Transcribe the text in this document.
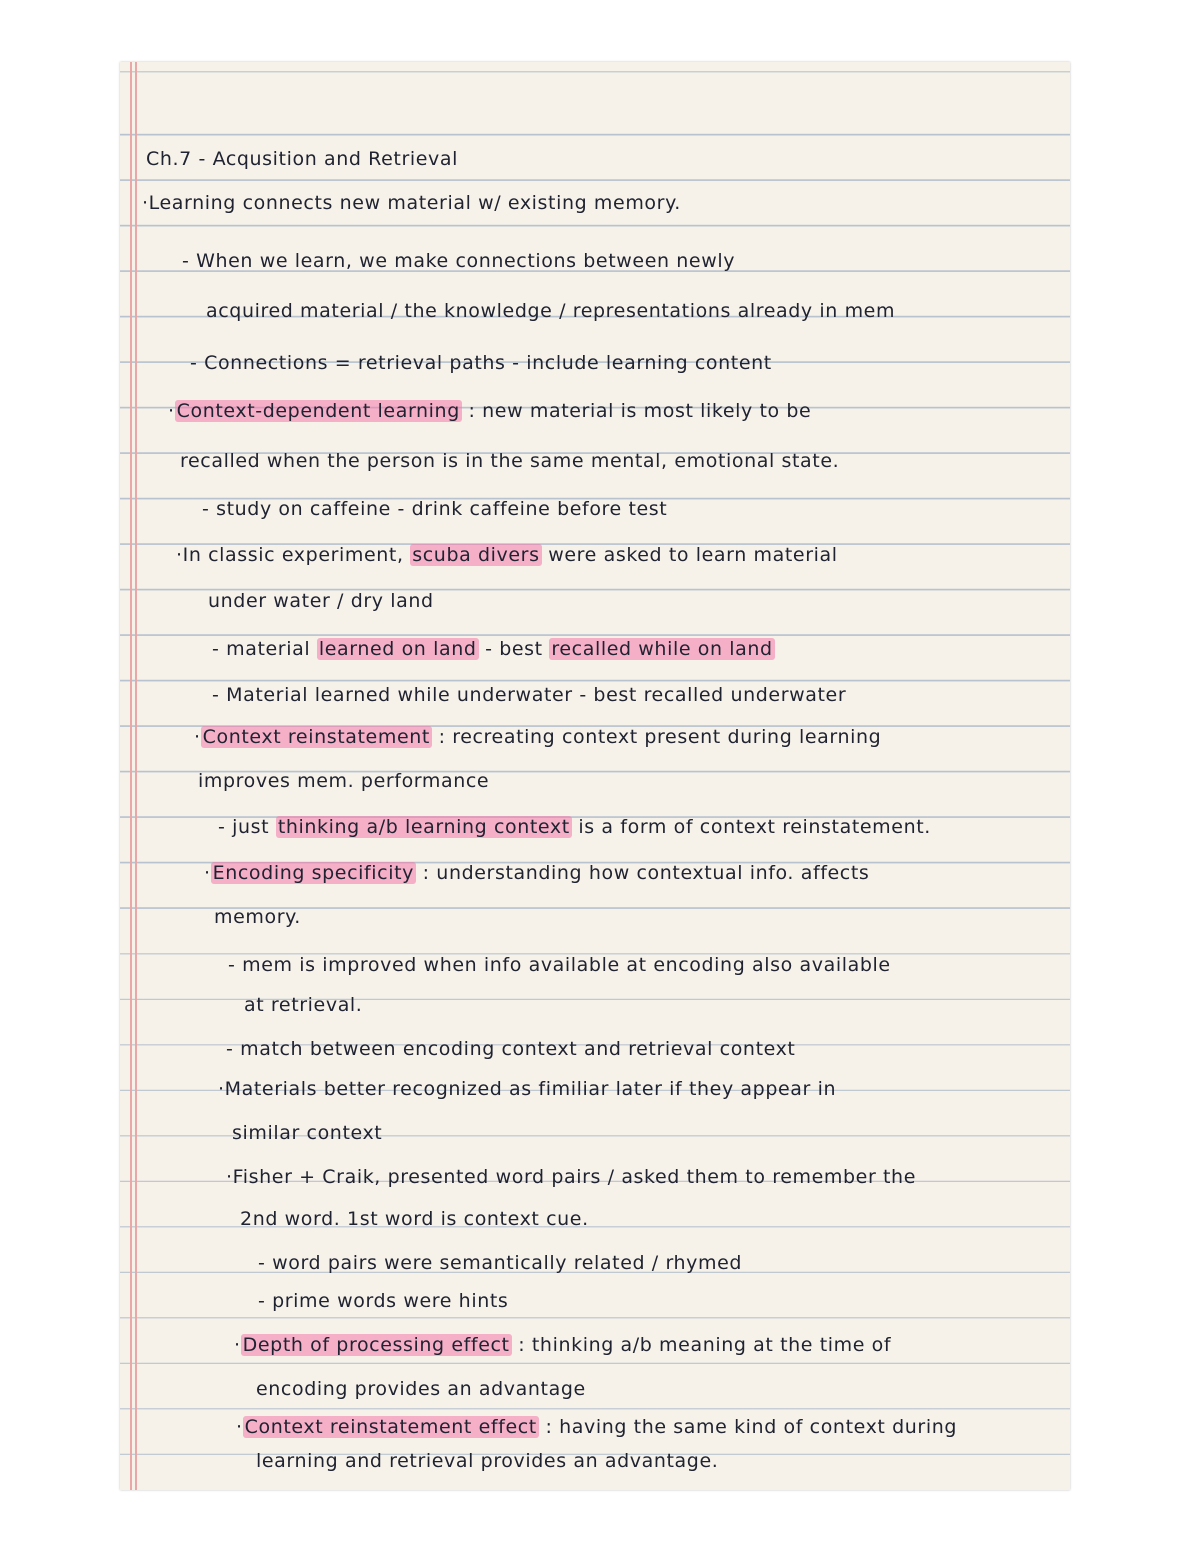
Ch.7 - Acqusition and Retrieval
·Learning connects new material w/ existing memory.
- When we learn, we make connections between newly
acquired material / the knowledge / representations already in mem
- Connections = retrieval paths - include learning content
· Context-dependent learning : new material is most likely to be
recalled when the person is in the same mental, emotional state.
- study on caffeine - drink caffeine before test
·In classic experiment, scuba divers were asked to learn material
under water / dry land
- material learned on land - best recalled while on land
- Material learned while underwater - best recalled underwater
· Context reinstatement : recreating context present during learning
improves mem. performance
- just thinking a/b learning context is a form of context reinstatement.
· Encoding specificity : understanding how contextual info. affects
memory.
- mem is improved when info available at encoding also available
at retrieval.
- match between encoding context and retrieval context
·Materials better recognized as fimiliar later if they appear in
similar context
·Fisher + Craik, presented word pairs / asked them to remember the
2nd word. 1st word is context cue.
- word pairs were semantically related / rhymed
- prime words were hints
· Depth of processing effect : thinking a/b meaning at the time of
encoding provides an advantage
· Context reinstatement effect : having the same kind of context during
learning and retrieval provides an advantage.
